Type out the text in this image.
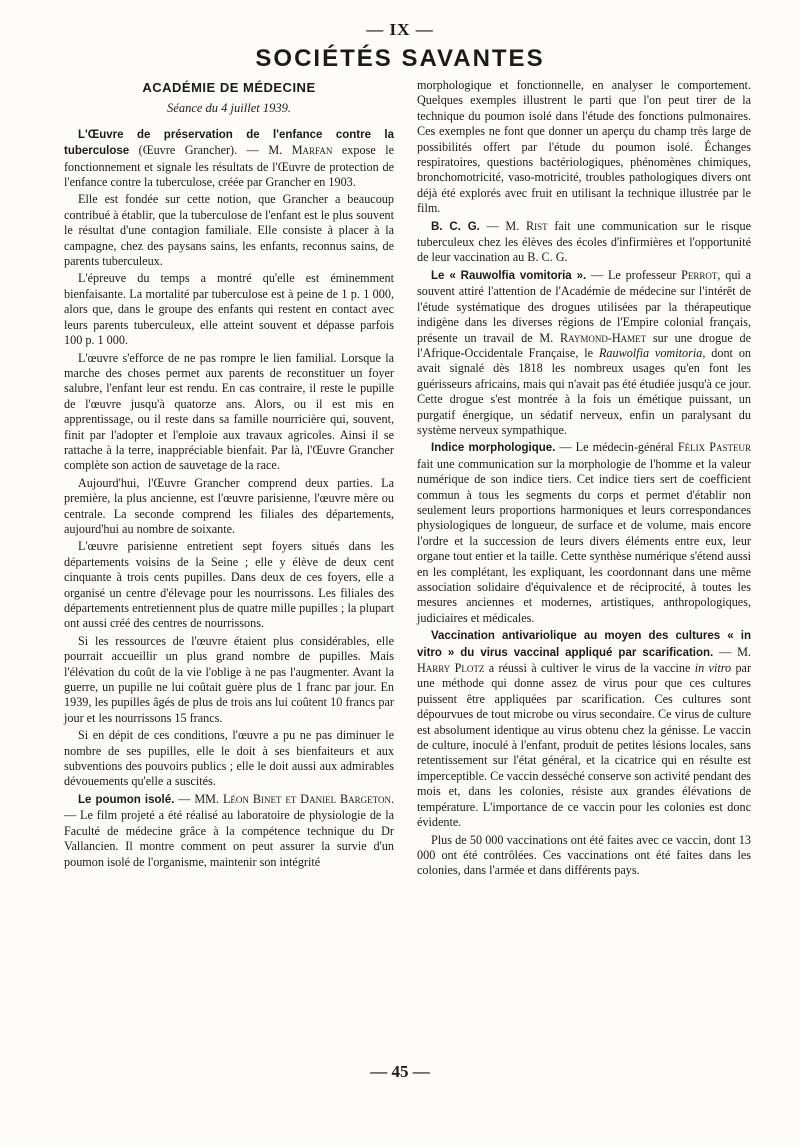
— IX —
SOCIÉTÉS SAVANTES
ACADÉMIE DE MÉDECINE
Séance du 4 juillet 1939.

L'Œuvre de préservation de l'enfance contre la tuberculose (Œuvre Grancher). — M. Marfan expose le fonctionnement et signale les résultats de l'Œuvre de protection de l'enfance contre la tuberculose, créée par Grancher en 1903.

Elle est fondée sur cette notion, que Grancher a beaucoup contribué à établir, que la tuberculose de l'enfant est le plus souvent le résultat d'une contagion familiale. Elle consiste à placer à la campagne, chez des paysans sains, les enfants, reconnus sains, de parents tuberculeux.

L'épreuve du temps a montré qu'elle est éminemment bienfaisante. La mortalité par tuberculose est à peine de 1 p. 1 000, alors que, dans le groupe des enfants qui restent en contact avec leurs parents tuberculeux, elle atteint souvent et dépasse parfois 100 p. 1 000.

L'œuvre s'efforce de ne pas rompre le lien familial. Lorsque la marche des choses permet aux parents de reconstituer un foyer salubre, l'enfant leur est rendu. En cas contraire, il reste le pupille de l'œuvre jusqu'à quatorze ans. Alors, ou il est mis en apprentissage, ou il reste dans sa famille nourricière qui, souvent, finit par l'adopter et l'emploie aux travaux agricoles. Ainsi il se rattache à la terre, inappréciable bienfait. Par là, l'Œuvre Grancher complète son action de sauvetage de la race.

Aujourd'hui, l'Œuvre Grancher comprend deux parties. La première, la plus ancienne, est l'œuvre parisienne, l'œuvre mère ou centrale. La seconde comprend les filiales des départements, aujourd'hui au nombre de soixante.

L'œuvre parisienne entretient sept foyers situés dans les départements voisins de la Seine ; elle y élève de deux cent cinquante à trois cents pupilles. Dans deux de ces foyers, elle a organisé un centre d'élevage pour les nourrissons. Les filiales des départements entretiennent plus de quatre mille pupilles ; la plupart ont aussi créé des centres de nourrissons.

Si les ressources de l'œuvre étaient plus considérables, elle pourrait accueillir un plus grand nombre de pupilles. Mais l'élévation du coût de la vie l'oblige à ne pas l'augmenter. Avant la guerre, un pupille ne lui coûtait guère plus de 1 franc par jour. En 1939, les pupilles âgés de plus de trois ans lui coûtent 10 francs par jour et les nourrissons 15 francs.

Si en dépit de ces conditions, l'œuvre a pu ne pas diminuer le nombre de ses pupilles, elle le doit à ses bienfaiteurs et aux subventions des pouvoirs publics ; elle le doit aussi aux admirables dévouements qu'elle a suscités.

Le poumon isolé. — MM. Léon Binet et Daniel Bargeton. — Le film projeté a été réalisé au laboratoire de physiologie de la Faculté de médecine grâce à la compétence technique du Dr Vallancien. Il montre comment on peut assurer la survie d'un poumon isolé de l'organisme, maintenir son intégrité

morphologique et fonctionnelle, en analyser le comportement. Quelques exemples illustrent le parti que l'on peut tirer de la technique du poumon isolé dans l'étude des fonctions pulmonaires. Ces exemples ne font que donner un aperçu du champ très large de possibilités offert par l'étude du poumon isolé. Échanges respiratoires, questions bactériologiques, phénomènes chimiques, bronchomotricité, vaso-motricité, troubles pathologiques divers ont déjà été explorés avec fruit en utilisant la technique illustrée par le film.

B. C. G. — M. Rist fait une communication sur le risque tuberculeux chez les élèves des écoles d'infirmières et l'opportunité de leur vaccination au B. C. G.

Le « Rauwolfia vomitoria ». — Le professeur Perrot, qui a souvent attiré l'attention de l'Académie de médecine sur l'intérêt de l'étude systématique des drogues utilisées par la thérapeutique indigène dans les diverses régions de l'Empire colonial français, présente un travail de M. Raymond-Hamet sur une drogue de l'Afrique-Occidentale Française, le Rauwolfia vomitoria, dont on avait signalé dès 1818 les nombreux usages qu'en font les guérisseurs africains, mais qui n'avait pas été étudiée jusqu'à ce jour. Cette drogue s'est montrée à la fois un émétique puissant, un purgatif énergique, un sédatif nerveux, enfin un paralysant du système nerveux sympathique.

Indice morphologique. — Le médecin-général Félix Pasteur fait une communication sur la morphologie de l'homme et la valeur numérique de son indice tiers. Cet indice tiers sert de coefficient commun à tous les segments du corps et permet d'établir non seulement leurs proportions harmoniques et leurs correspondances physiologiques de longueur, de surface et de volume, mais encore l'ordre et la succession de leurs divers éléments entre eux, leur organe tout entier et la taille. Cette synthèse numérique s'étend aussi en les complétant, les expliquant, les coordonnant dans une même association solidaire d'équivalence et de réciprocité, à toutes les mesures anciennes et modernes, artistiques, anthropologiques, judiciaires et médicales.

Vaccination antivariolique au moyen des cultures « in vitro » du virus vaccinal appliqué par scarification. — M. Harry Plotz a réussi à cultiver le virus de la vaccine in vitro par une méthode qui donne assez de virus pour que ces cultures puissent être appliquées par scarification. Ces cultures sont dépourvues de tout microbe ou virus secondaire. Ce virus de culture est absolument identique au virus obtenu chez la génisse. Le vaccin de culture, inoculé à l'enfant, produit de petites lésions locales, sans retentissement sur l'état général, et la cicatrice qui en résulte est imperceptible. Ce vaccin desséché conserve son activité pendant des mois et, dans les colonies, résiste aux grandes élévations de température. L'importance de ce vaccin pour les colonies est donc évidente.

Plus de 50 000 vaccinations ont été faites avec ce vaccin, dont 13 000 ont été contrôlées. Ces vaccinations ont été faites dans les colonies, dans l'armée et dans différents pays.

— 45 —
